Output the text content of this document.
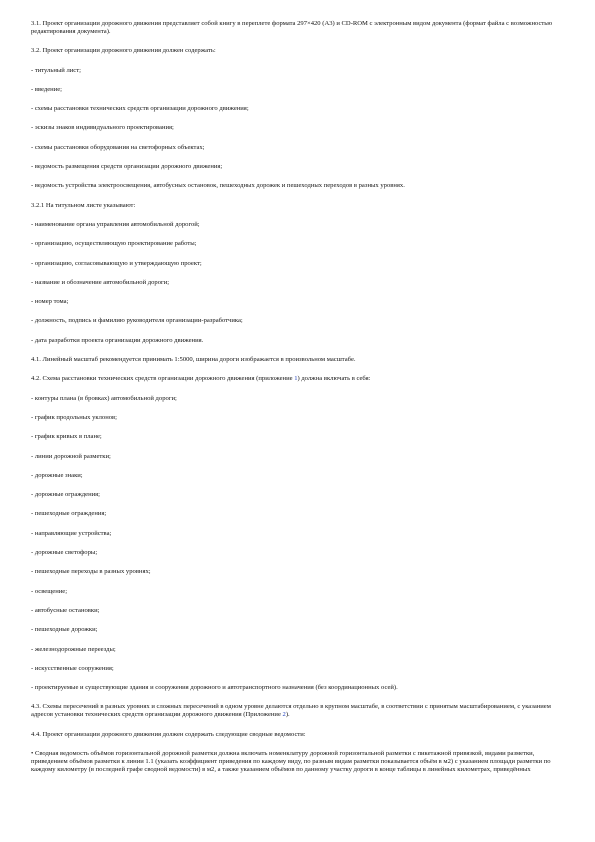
3.1. Проект организации дорожного движения представляет собой книгу в переплете формата 297×420 (А3) и CD-ROM с электронным видом документа (формат файла с возможностью редактирования документа).

3.2. Проект организации дорожного движения должен содержать:

- титульный лист;

- введение;

- схемы расстановки технических средств организации дорожного движения;

- эскизы знаков индивидуального проектирования;

- схемы расстановки оборудования на светофорных объектах;

- ведомость размещения средств организации дорожного движения;

- ведомость устройства электроосвещения, автобусных остановок, пешеходных дорожек и пешеходных переходов в разных уровнях.

3.2.1 На титульном листе указывают:

- наименование органа управления автомобильной дорогой;

- организацию, осуществляющую проектирование работы;

- организацию, согласовывающую и утверждающую проект;

- название и обозначение автомобильной дороги;

- номер тома;

- должность, подпись и фамилию руководителя организации-разработчика;

- дата разработки проекта организации дорожного движения.

4.1. Линейный масштаб рекомендуется принимать 1:5000, ширина дороги изображается в произвольном масштабе.

4.2. Схема расстановки технических средств организации дорожного движения (приложение 1) должна включать в себя:

- контуры плана (в бровках) автомобильной дороги;

- график продольных уклонов;

- график кривых в плане;

- линии дорожной разметки;

- дорожные знаки;

- дорожные ограждения;

- пешеходные ограждения;

- направляющие устройства;

- дорожные светофоры;

- пешеходные переходы в разных уровнях;

- освещение;

- автобусные остановки;

- пешеходные дорожки;

- железнодорожные переезды;

- искусственные сооружения;

- проектируемые и существующие здания и сооружения дорожного и автотранспортного назначения (без координационных осей).

4.3. Схемы пересечений в разных уровнях и сложных пересечений в одном уровне делаются отдельно в крупном масштабе, в соответствии с принятым масштабированием, с указанием адресов установки технических средств организации дорожного движения (Приложение 2).

4.4. Проект организации дорожного движения должен содержать следующие сводные ведомости:

• Сводная ведомость объёмов горизонтальной дорожной разметки должна включать номенклатуру дорожной горизонтальной разметки с пикетажной привязкой, видами разметки, приведением объёмов разметки к линии 1.1 (указать коэффициент приведения по каждому виду, по разным видам разметки показывается объём в м2) с указанием площади разметки по каждому километру (в последней графе сводной ведомости) в м2, а также указанием объёмов по данному участку дороги в конце таблицы в линейных километрах, приведённых
